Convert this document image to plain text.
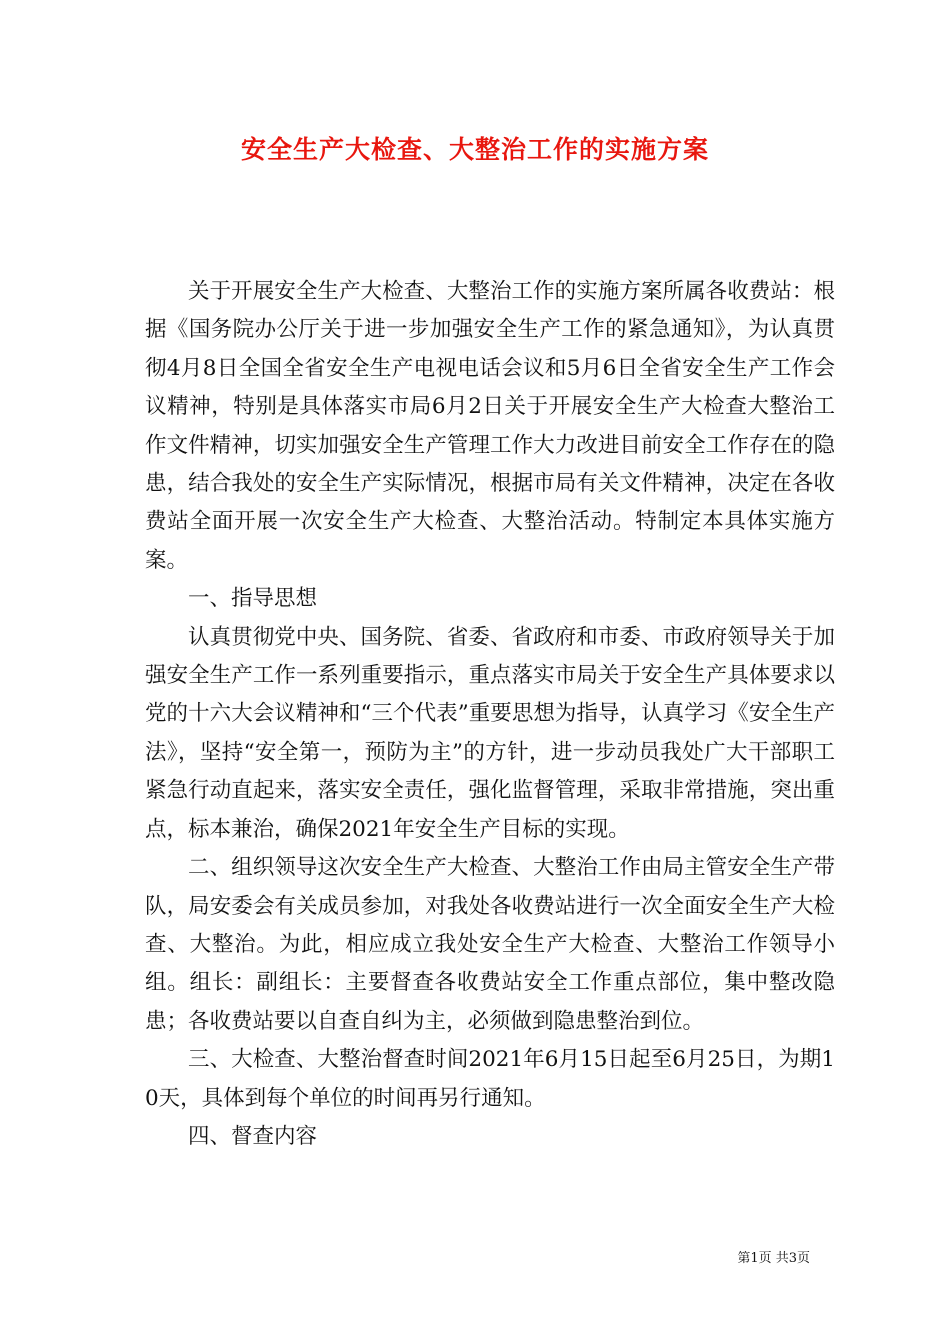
安全生产大检查、大整治工作的实施方案

关于开展安全生产大检查、大整治工作的实施方案所属各收费站：根据《国务院办公厅关于进一步加强安全生产工作的紧急通知》，为认真贯彻4月8日全国全省安全生产电视电话会议和5月6日全省安全生产工作会议精神，特别是具体落实市局6月2日关于开展安全生产大检查大整治工作文件精神，切实加强安全生产管理工作大力改进目前安全工作存在的隐患，结合我处的安全生产实际情况，根据市局有关文件精神，决定在各收费站全面开展一次安全生产大检查、大整治活动。特制定本具体实施方案。

一、指导思想

认真贯彻党中央、国务院、省委、省政府和市委、市政府领导关于加强安全生产工作一系列重要指示，重点落实市局关于安全生产具体要求以党的十六大会议精神和“三个代表”重要思想为指导，认真学习《安全生产法》，坚持“安全第一，预防为主”的方针，进一步动员我处广大干部职工紧急行动直起来，落实安全责任，强化监督管理，采取非常措施，突出重点，标本兼治，确保2021年安全生产目标的实现。

二、组织领导这次安全生产大检查、大整治工作由局主管安全生产带队，局安委会有关成员参加，对我处各收费站进行一次全面安全生产大检查、大整治。为此，相应成立我处安全生产大检查、大整治工作领导小组。组长：副组长：主要督查各收费站安全工作重点部位，集中整改隐患；各收费站要以自查自纠为主，必须做到隐患整治到位。

三、大检查、大整治督查时间2021年6月15日起至6月25日，为期10天，具体到每个单位的时间再另行通知。

四、督查内容

第1页 共3页
